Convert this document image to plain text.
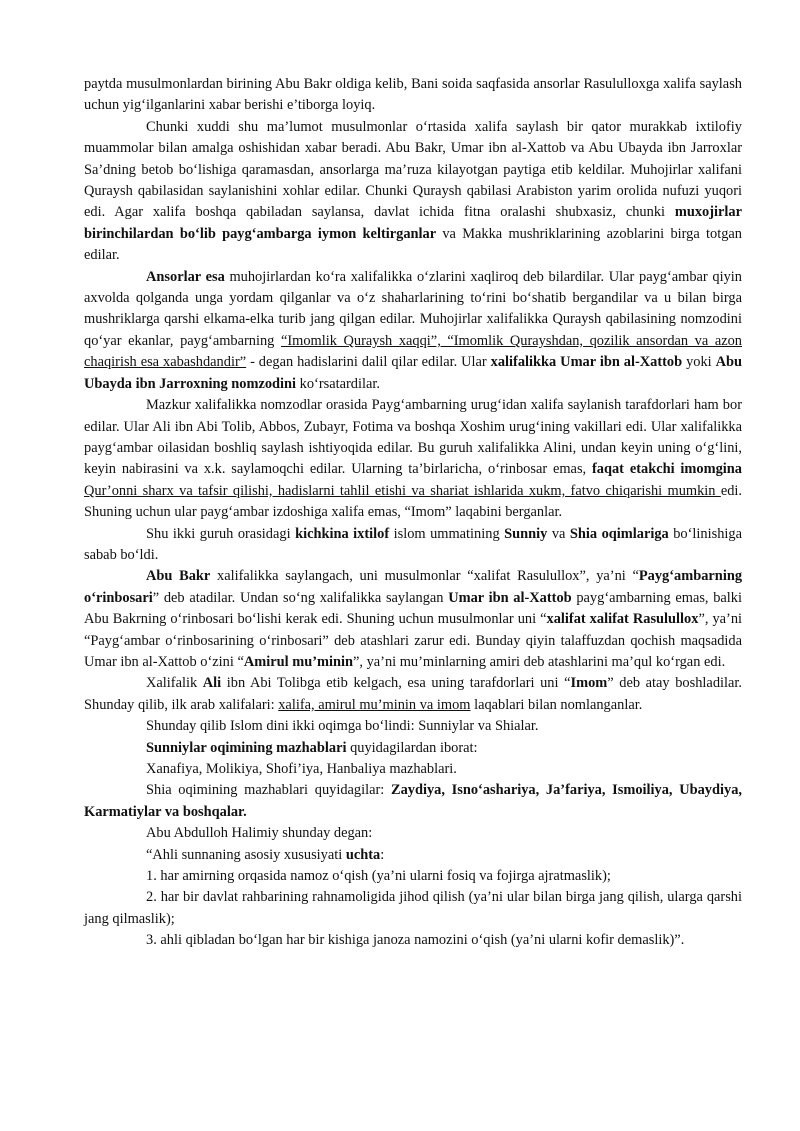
paytda musulmonlardan birining Abu Bakr oldiga kelib, Bani soida saqfasida ansorlar Rasululloxga xalifa saylash uchun yig‘ilganlarini xabar berishi e’tiborga loyiq.

Chunki xuddi shu ma’lumot musulmonlar o‘rtasida xalifa saylash bir qator murakkab ixtilofiy muammolar bilan amalga oshishidan xabar beradi. Abu Bakr, Umar ibn al-Xattob va Abu Ubayda ibn Jarroxlar Sa’dning betob bo‘lishiga qaramasdan, ansorlarga ma’ruza kilayotgan paytiga etib keldilar. Muhojirlar xalifani Quraysh qabilasidan saylanishini xohlar edilar. Chunki Quraysh qabilasi Arabiston yarim orolida nufuzi yuqori edi. Agar xalifa boshqa qabiladan saylansa, davlat ichida fitna oralashi shubxasiz, chunki muxojirlar birinchilardan bo‘lib payg‘ambarga iymon keltirganlar va Makka mushriklarining azoblarini birga totgan edilar.

Ansorlar esa muhojirlardan ko‘ra xalifalikka o‘zlarini xaqliroq deb bilardilar. Ular payg‘ambar qiyin axvolda qolganda unga yordam qilganlar va o‘z shaharlarining to‘rini bo‘shatib bergandilar va u bilan birga mushriklarga qarshi elkama-elka turib jang qilgan edilar. Muhojirlar xalifalikka Quraysh qabilasining nomzodini qo‘yar ekanlar, payg‘ambarning “Imomlik Quraysh xaqqi”, “Imomlik Qurayshdan, qozilik ansordan va azon chaqirish esa xabashdandir” - degan hadislarini dalil qilar edilar. Ular xalifalikka Umar ibn al-Xattob yoki Abu Ubayda ibn Jarroxning nomzodini ko‘rsatardilar.

Mazkur xalifalikka nomzodlar orasida Payg‘ambarning urug‘idan xalifa saylanish tarafdorlari ham bor edilar. Ular Ali ibn Abi Tolib, Abbos, Zubayr, Fotima va boshqa Xoshim urug‘ining vakillari edi. Ular xalifalikka payg‘ambar oilasidan boshliq saylash ishtiyoqida edilar. Bu guruh xalifalikka Alini, undan keyin uning o‘g‘lini, keyin nabirasini va x.k. saylamoqchi edilar. Ularning ta’birlaricha, o‘rinbosar emas, faqat etakchi imomgina Qur’onni sharx va tafsir qilishi, hadislarni tahlil etishi va shariat ishlarida xukm, fatvo chiqarishi mumkin edi. Shuning uchun ular payg‘ambar izdoshiga xalifa emas, “Imom” laqabini berganlar.

Shu ikki guruh orasidagi kichkina ixtilof islom ummatining Sunniy va Shia oqimlariga bo‘linishiga sabab bo‘ldi.

Abu Bakr xalifalikka saylangach, uni musulmonlar “xalifat Rasulullox”, ya’ni “Payg‘ambarning o‘rinbosari” deb atadilar. Undan so‘ng xalifalikka saylangan Umar ibn al-Xattob payg‘ambarning emas, balki Abu Bakrning o‘rinbosari bo‘lishi kerak edi. Shuning uchun musulmonlar uni “xalifat xalifat Rasulullox”, ya’ni “Payg‘ambar o‘rinbosarining o‘rinbosari” deb atashlari zarur edi. Bunday qiyin talaffuzdan qochish maqsadida Umar ibn al-Xattob o‘zini “Amirul mu’minin”, ya’ni mu’minlarning amiri deb atashlarini ma’qul ko‘rgan edi.

Xalifalik Ali ibn Abi Tolibga etib kelgach, esa uning tarafdorlari uni “Imom” deb atay boshladilar. Shunday qilib, ilk arab xalifalari: xalifa, amirul mu’minin va imom laqablari bilan nomlanganlar.

Shunday qilib Islom dini ikki oqimga bo‘lindi: Sunniylar va Shialar.

Sunniylar oqimining mazhablari quyidagilardan iborat:

Xanafiya, Molikiya, Shofi’iya, Hanbaliya mazhablari.

Shia oqimining mazhablari quyidagilar: Zaydiya, Isno‘ashariya, Ja’fariya, Ismoiliya, Ubaydiya, Karmatiylar va boshqalar.

Abu Abdulloh Halimiy shunday degan:

“Ahli sunnaning asosiy xususiyati uchta:

1. har amirning orqasida namoz o‘qish (ya’ni ularni fosiq va fojirga ajratmaslik);

2. har bir davlat rahbarining rahnamoligida jihod qilish (ya’ni ular bilan birga jang qilish, ularga qarshi jang qilmaslik);

3. ahli qibladan bo‘lgan har bir kishiga janoza namozini o‘qish (ya’ni ularni kofir demaslik)”.
